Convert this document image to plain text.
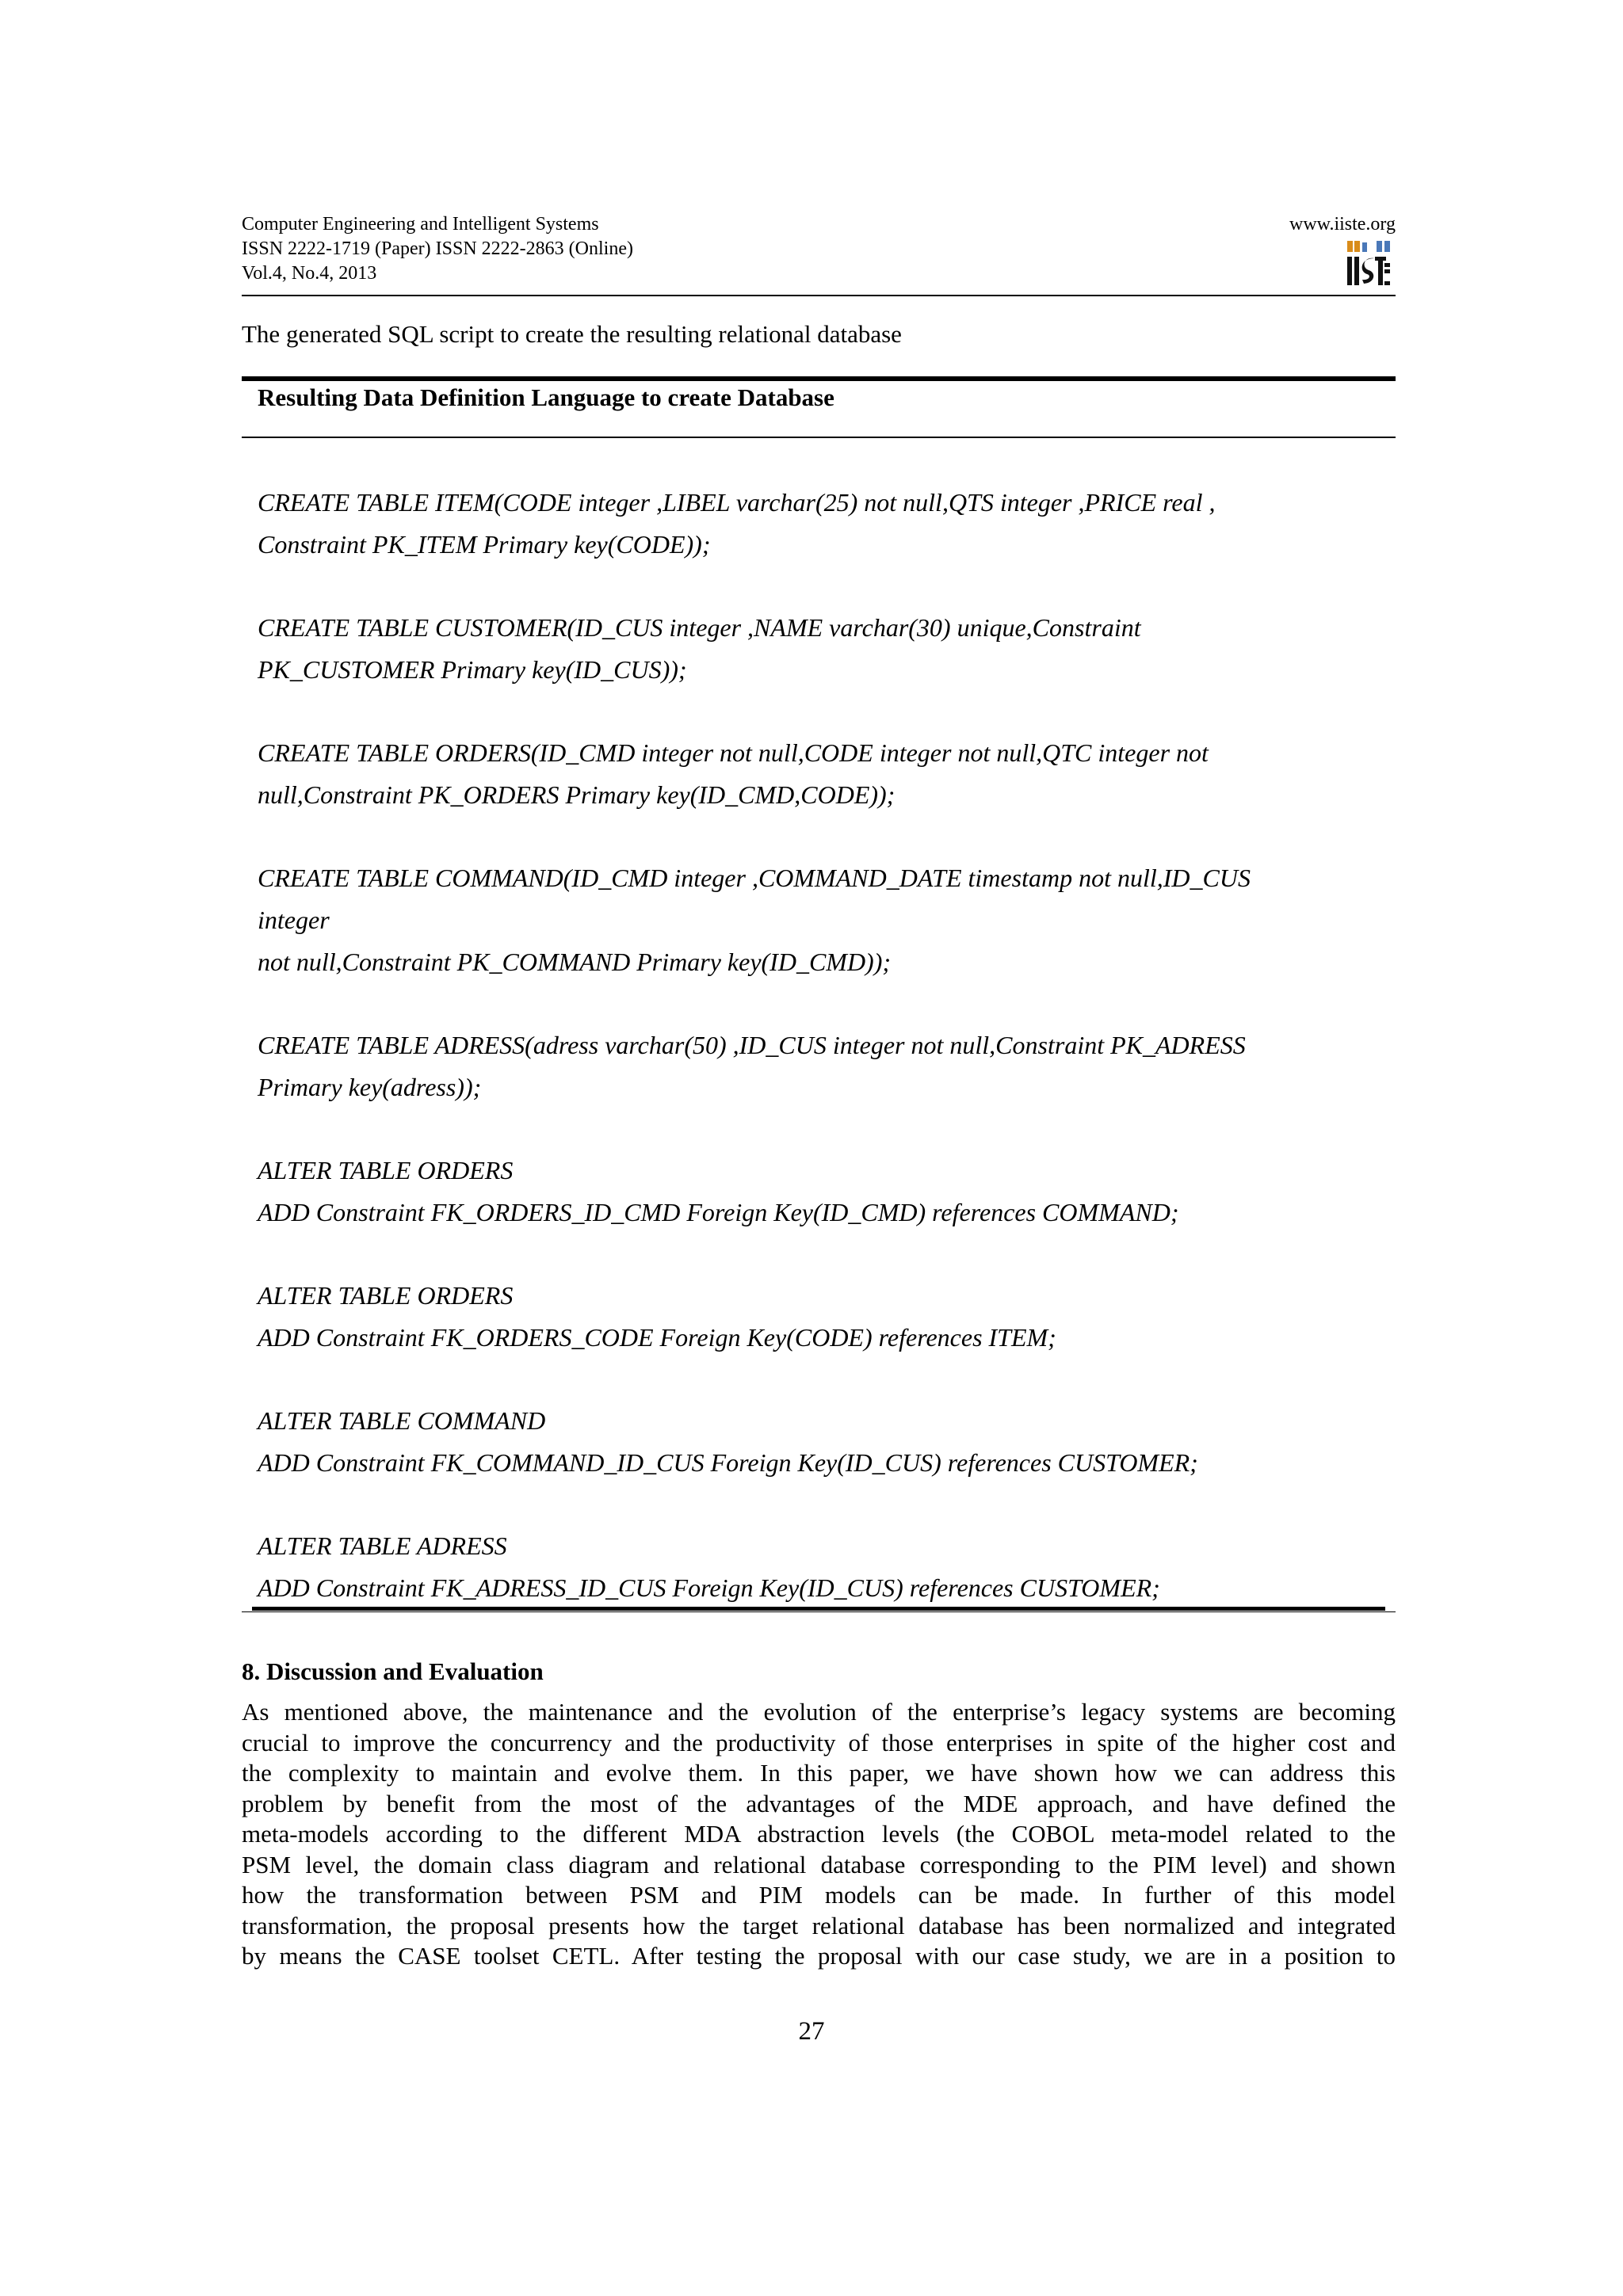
Computer Engineering and Intelligent Systems
ISSN 2222-1719 (Paper) ISSN 2222-2863 (Online)
Vol.4, No.4, 2013
www.iiste.org
The generated SQL script to create the resulting relational database
Resulting Data Definition Language to create Database
CREATE TABLE ITEM(CODE integer ,LIBEL varchar(25) not null,QTS integer ,PRICE real ,
Constraint PK_ITEM Primary key(CODE));
CREATE TABLE CUSTOMER(ID_CUS integer ,NAME varchar(30) unique,Constraint
PK_CUSTOMER Primary key(ID_CUS));
CREATE TABLE ORDERS(ID_CMD integer not null,CODE integer not null,QTC integer not
null,Constraint PK_ORDERS Primary key(ID_CMD,CODE));
CREATE TABLE COMMAND(ID_CMD integer ,COMMAND_DATE timestamp not null,ID_CUS
integer
not null,Constraint PK_COMMAND Primary key(ID_CMD));
CREATE TABLE ADRESS(adress varchar(50) ,ID_CUS integer not null,Constraint PK_ADRESS
Primary key(adress));
ALTER TABLE ORDERS
ADD Constraint FK_ORDERS_ID_CMD Foreign Key(ID_CMD) references COMMAND;
ALTER TABLE ORDERS
ADD Constraint FK_ORDERS_CODE Foreign Key(CODE) references ITEM;
ALTER TABLE COMMAND
ADD Constraint FK_COMMAND_ID_CUS Foreign Key(ID_CUS) references CUSTOMER;
ALTER TABLE ADRESS
ADD Constraint FK_ADRESS_ID_CUS Foreign Key(ID_CUS) references CUSTOMER;
8. Discussion and Evaluation
As mentioned above, the maintenance and the evolution of the enterprise’s legacy systems are becoming
crucial to improve the concurrency and the productivity of those enterprises in spite of the higher cost and
the complexity to maintain and evolve them. In this paper, we have shown how we can address this
problem by benefit from the most of the advantages of the MDE approach, and have defined the
meta-models according to the different MDA abstraction levels (the COBOL meta-model related to the
PSM level, the domain class diagram and relational database corresponding to the PIM level) and shown
how the transformation between PSM and PIM models can be made. In further of this model
transformation, the proposal presents how the target relational database has been normalized and integrated
by means the CASE toolset CETL. After testing the proposal with our case study, we are in a position to
27
